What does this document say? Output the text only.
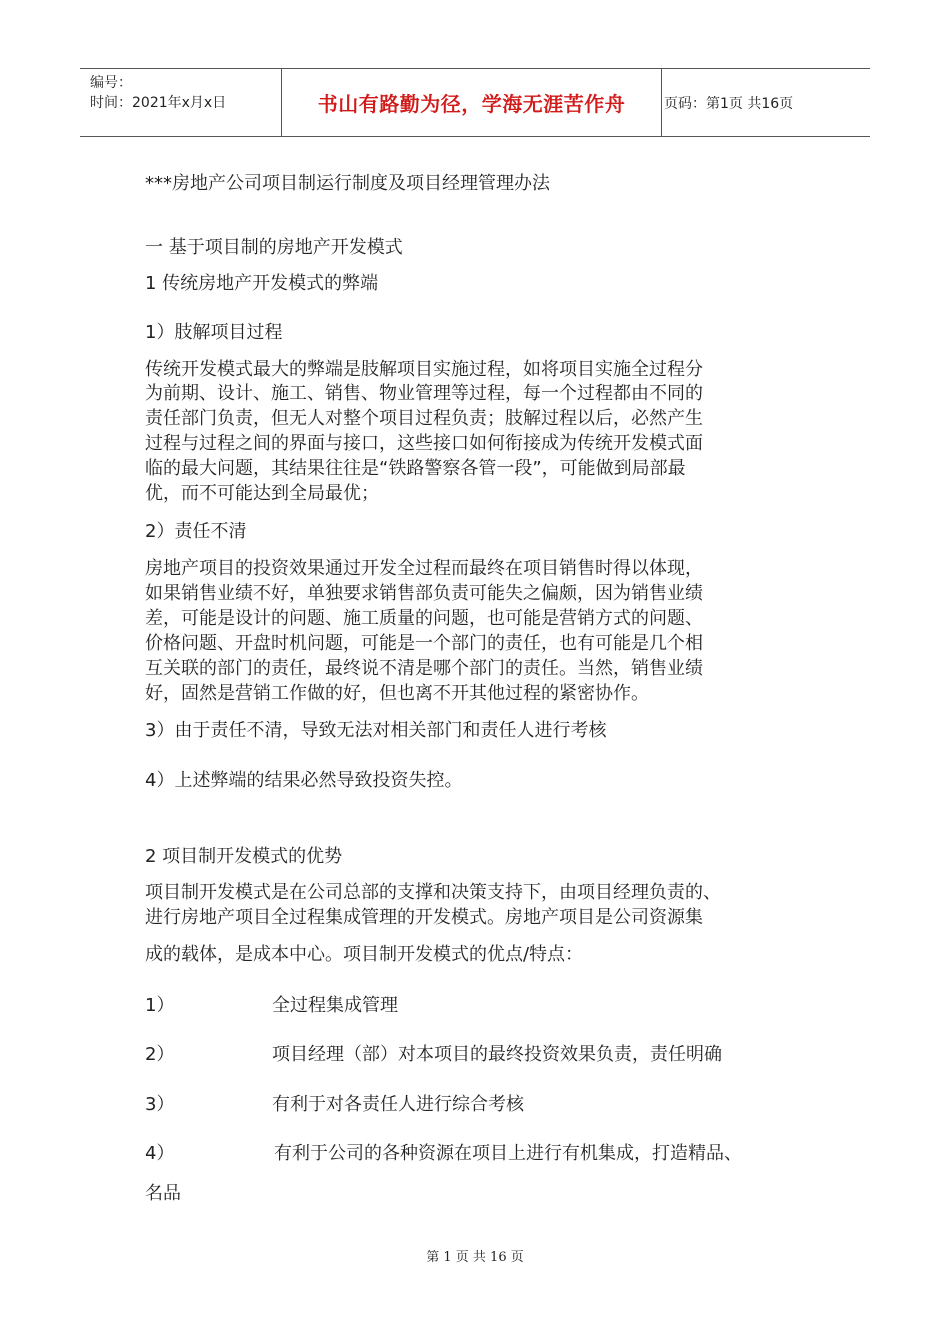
编号：
时间：2021年x月x日	书山有路勤为径，学海无涯苦作舟	页码：第1页 共16页
***房地产公司项目制运行制度及项目经理管理办法
一 基于项目制的房地产开发模式
1 传统房地产开发模式的弊端
1）肢解项目过程
传统开发模式最大的弊端是肢解项目实施过程，如将项目实施全过程分
为前期、设计、施工、销售、物业管理等过程，每一个过程都由不同的
责任部门负责，但无人对整个项目过程负责；肢解过程以后，必然产生
过程与过程之间的界面与接口，这些接口如何衔接成为传统开发模式面
临的最大问题，其结果往往是“铁路警察各管一段”，可能做到局部最
优，而不可能达到全局最优；
2）责任不清
房地产项目的投资效果通过开发全过程而最终在项目销售时得以体现，
如果销售业绩不好，单独要求销售部负责可能失之偏颇，因为销售业绩
差，可能是设计的问题、施工质量的问题，也可能是营销方式的问题、
价格问题、开盘时机问题，可能是一个部门的责任，也有可能是几个相
互关联的部门的责任，最终说不清是哪个部门的责任。当然，销售业绩
好，固然是营销工作做的好，但也离不开其他过程的紧密协作。
3）由于责任不清，导致无法对相关部门和责任人进行考核
4）上述弊端的结果必然导致投资失控。
2 项目制开发模式的优势
项目制开发模式是在公司总部的支撑和决策支持下，由项目经理负责的、
进行房地产项目全过程集成管理的开发模式。房地产项目是公司资源集
成的载体，是成本中心。项目制开发模式的优点/特点：
1）	全过程集成管理
2）	项目经理（部）对本项目的最终投资效果负责，责任明确
3）	有利于对各责任人进行综合考核
4）	有利于公司的各种资源在项目上进行有机集成，打造精品、
名品
第 1 页 共 16 页
